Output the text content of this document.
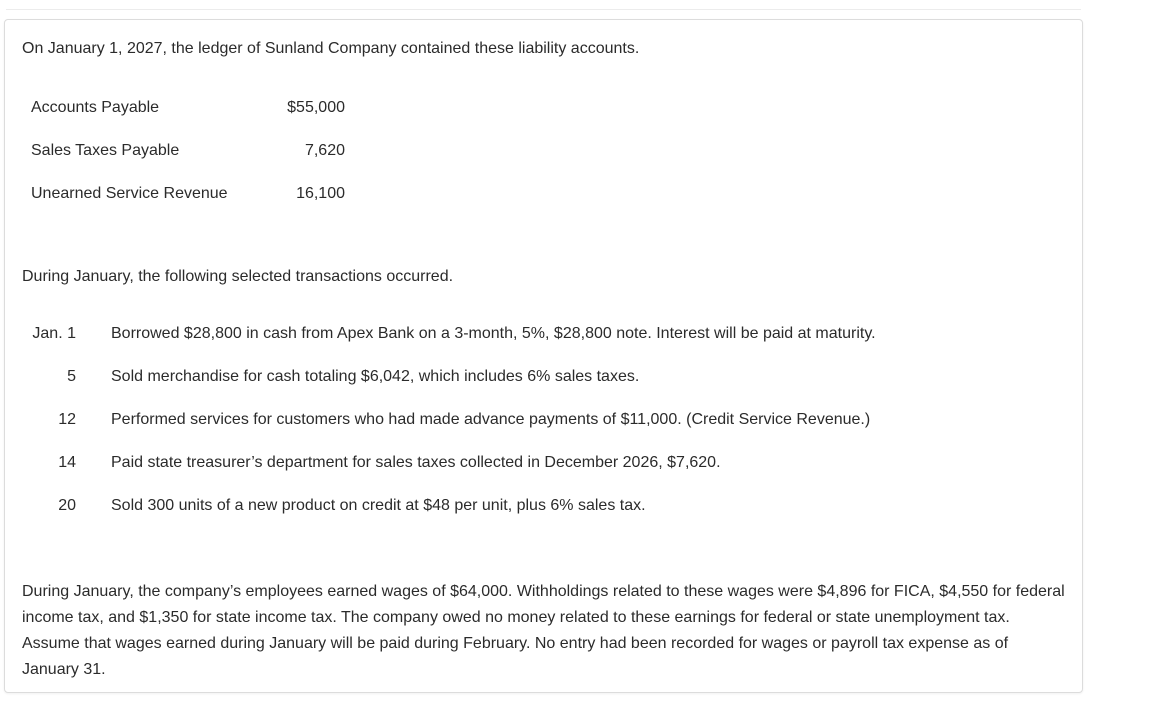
On January 1, 2027, the ledger of Sunland Company contained these liability accounts.

Accounts Payable	$55,000
Sales Taxes Payable	7,620
Unearned Service Revenue	16,100

During January, the following selected transactions occurred.

Jan. 1 Borrowed $28,800 in cash from Apex Bank on a 3-month, 5%, $28,800 note. Interest will be paid at maturity.
5 Sold merchandise for cash totaling $6,042, which includes 6% sales taxes.
12 Performed services for customers who had made advance payments of $11,000. (Credit Service Revenue.)
14 Paid state treasurer’s department for sales taxes collected in December 2026, $7,620.
20 Sold 300 units of a new product on credit at $48 per unit, plus 6% sales tax.

During January, the company’s employees earned wages of $64,000. Withholdings related to these wages were $4,896 for FICA, $4,550 for federal income tax, and $1,350 for state income tax. The company owed no money related to these earnings for federal or state unemployment tax. Assume that wages earned during January will be paid during February. No entry had been recorded for wages or payroll tax expense as of January 31.
